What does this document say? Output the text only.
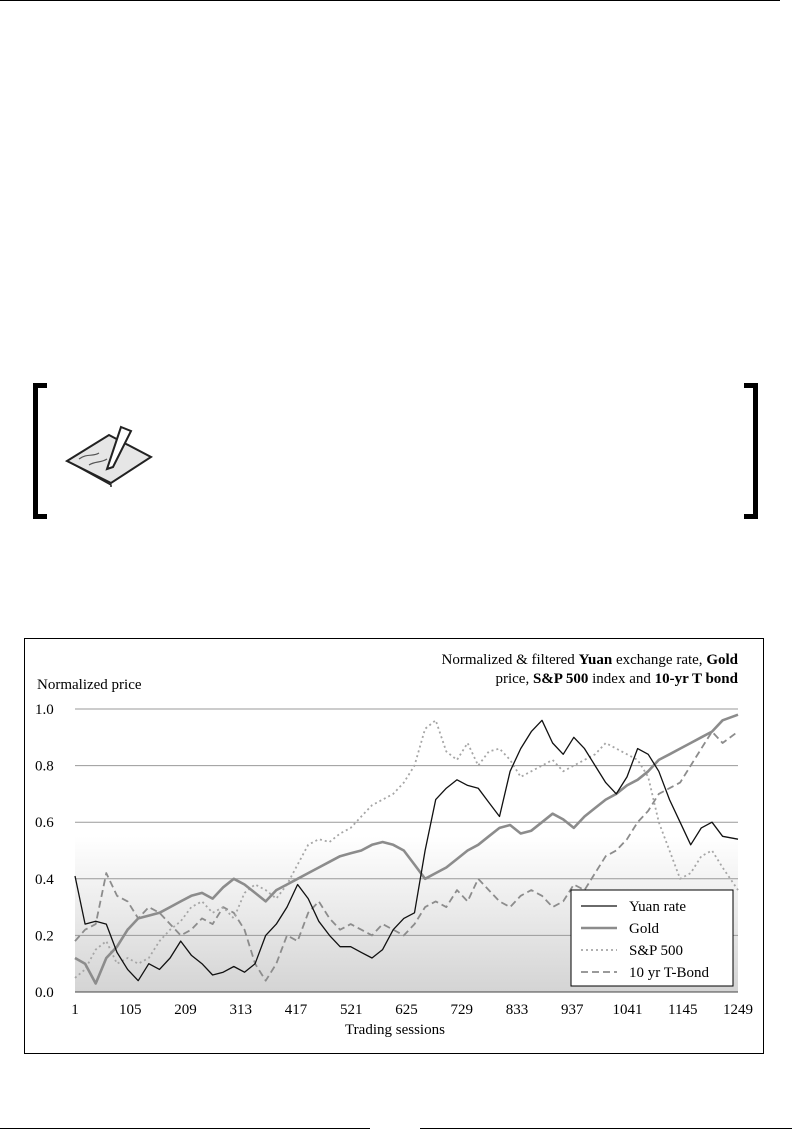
0.0
0.2
0.4
0.6
0.8
1.0
1	105 209 313 417 521 625 729 833 937 1041 1145 1249
Yuan rate
Gold
S&P 500
10 yr T-Bond
Normalized & filtered Yuan exchange rate, Gold
price, S&P 500 index and 10-yr T bond
Normalized price
Trading sessions
